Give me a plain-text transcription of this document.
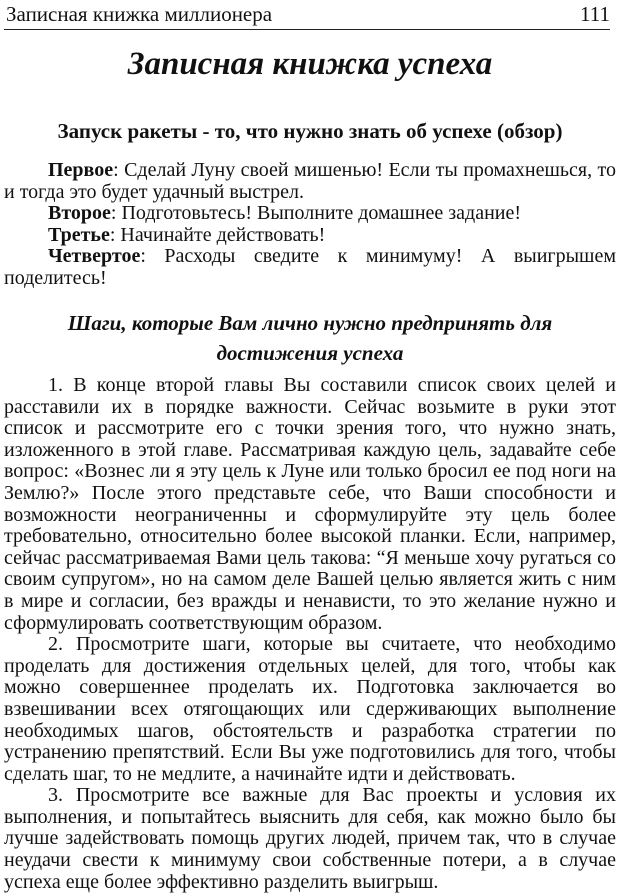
Записная книжка миллионера	111
Записная книжка успеха
Запуск ракеты - то, что нужно знать об успехе (обзор)

Первое: Сделай Луну своей мишенью! Если ты промахнешься, то и тогда это будет удачный выстрел.

Второе: Подготовьтесь! Выполните домашнее задание!

Третье: Начинайте действовать!

Четвертое: Расходы сведите к минимуму! А выигрышем поделитесь!

Шаги, которые Вам лично нужно предпринять для достижения успеха

1. В конце второй главы Вы составили список своих целей и расставили их в порядке важности. Сейчас возьмите в руки этот список и рассмотрите его с точки зрения того, что нужно знать, изложенного в этой главе. Рассматривая каждую цель, задавайте себе вопрос: «Вознес ли я эту цель к Луне или только бросил ее под ноги на Землю?» После этого представьте себе, что Ваши способности и возможности неограниченны и сформулируйте эту цель более требовательно, относительно более высокой планки. Если, например, сейчас рассматриваемая Вами цель такова: “Я меньше хочу ругаться со своим супругом», но на самом деле Вашей целью является жить с ним в мире и согласии, без вражды и ненависти, то это желание нужно и сформулировать соответствующим образом.

2. Просмотрите шаги, которые вы считаете, что необходимо проделать для достижения отдельных целей, для того, чтобы как можно совершеннее проделать их. Подготовка заключается во взвешивании всех отягощающих или сдерживающих выполнение необходимых шагов, обстоятельств и разработка стратегии по устранению препятствий. Если Вы уже подготовились для того, чтобы сделать шаг, то не медлите, а начинайте идти и действовать.

3. Просмотрите все важные для Вас проекты и условия их выполнения, и попытайтесь выяснить для себя, как можно было бы лучше задействовать помощь других людей, причем так, что в случае неудачи свести к минимуму свои собственные потери, а в случае успеха еще более эффективно разделить выигрыш.
